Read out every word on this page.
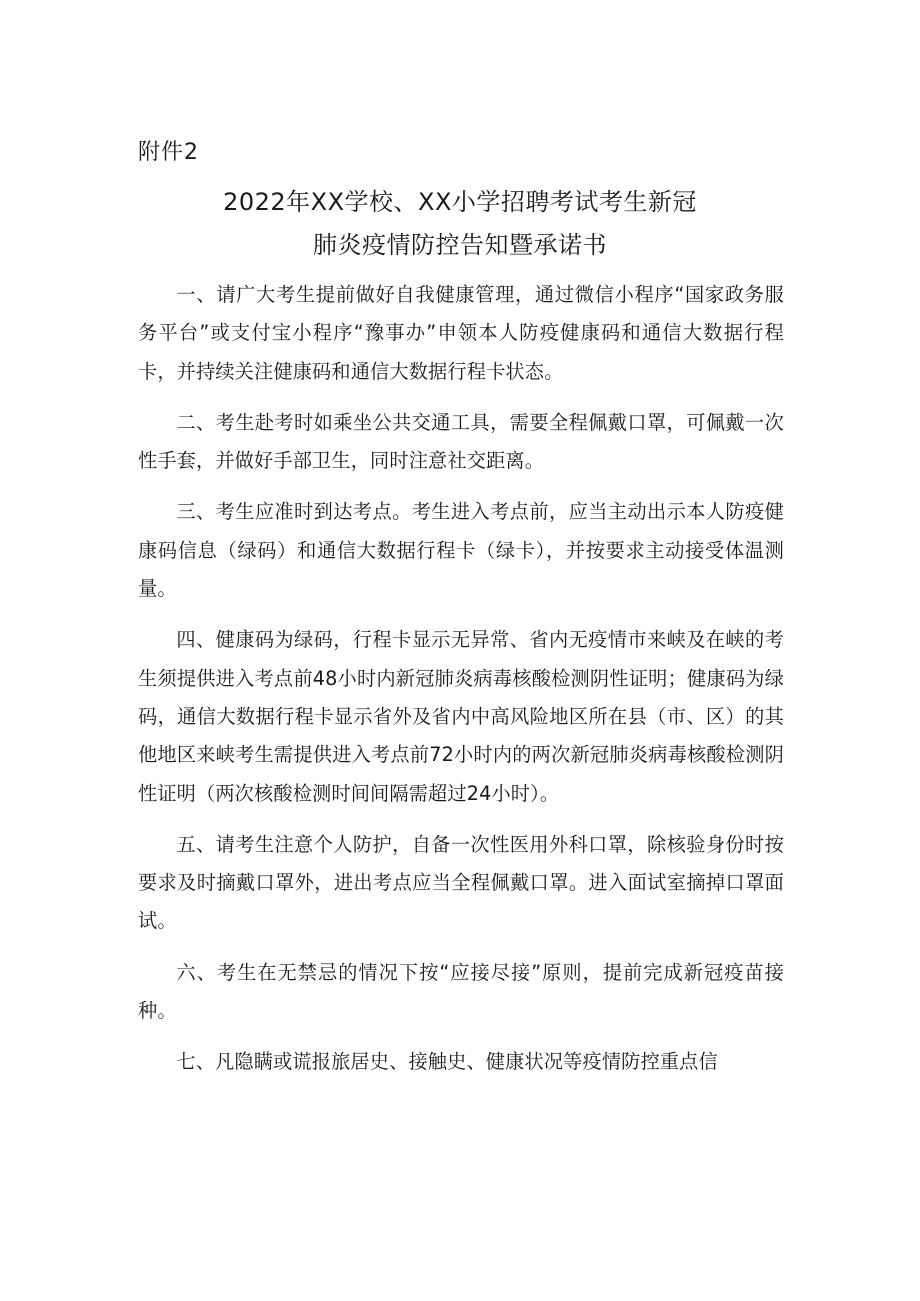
附件2
2022年XX学校、XX小学招聘考试考生新冠
肺炎疫情防控告知暨承诺书

一、请广大考生提前做好自我健康管理，通过微信小程序“国家政务服务平台”或支付宝小程序“豫事办”申领本人防疫健康码和通信大数据行程卡，并持续关注健康码和通信大数据行程卡状态。

二、考生赴考时如乘坐公共交通工具，需要全程佩戴口罩，可佩戴一次性手套，并做好手部卫生，同时注意社交距离。

三、考生应准时到达考点。考生进入考点前，应当主动出示本人防疫健康码信息（绿码）和通信大数据行程卡（绿卡），并按要求主动接受体温测量。

四、健康码为绿码，行程卡显示无异常、省内无疫情市来峡及在峡的考生须提供进入考点前48小时内新冠肺炎病毒核酸检测阴性证明；健康码为绿码，通信大数据行程卡显示省外及省内中高风险地区所在县（市、区）的其他地区来峡考生需提供进入考点前72小时内的两次新冠肺炎病毒核酸检测阴性证明（两次核酸检测时间间隔需超过24小时）。

五、请考生注意个人防护，自备一次性医用外科口罩，除核验身份时按要求及时摘戴口罩外，进出考点应当全程佩戴口罩。进入面试室摘掉口罩面试。

六、考生在无禁忌的情况下按“应接尽接”原则，提前完成新冠疫苗接种。

七、凡隐瞒或谎报旅居史、接触史、健康状况等疫情防控重点信
